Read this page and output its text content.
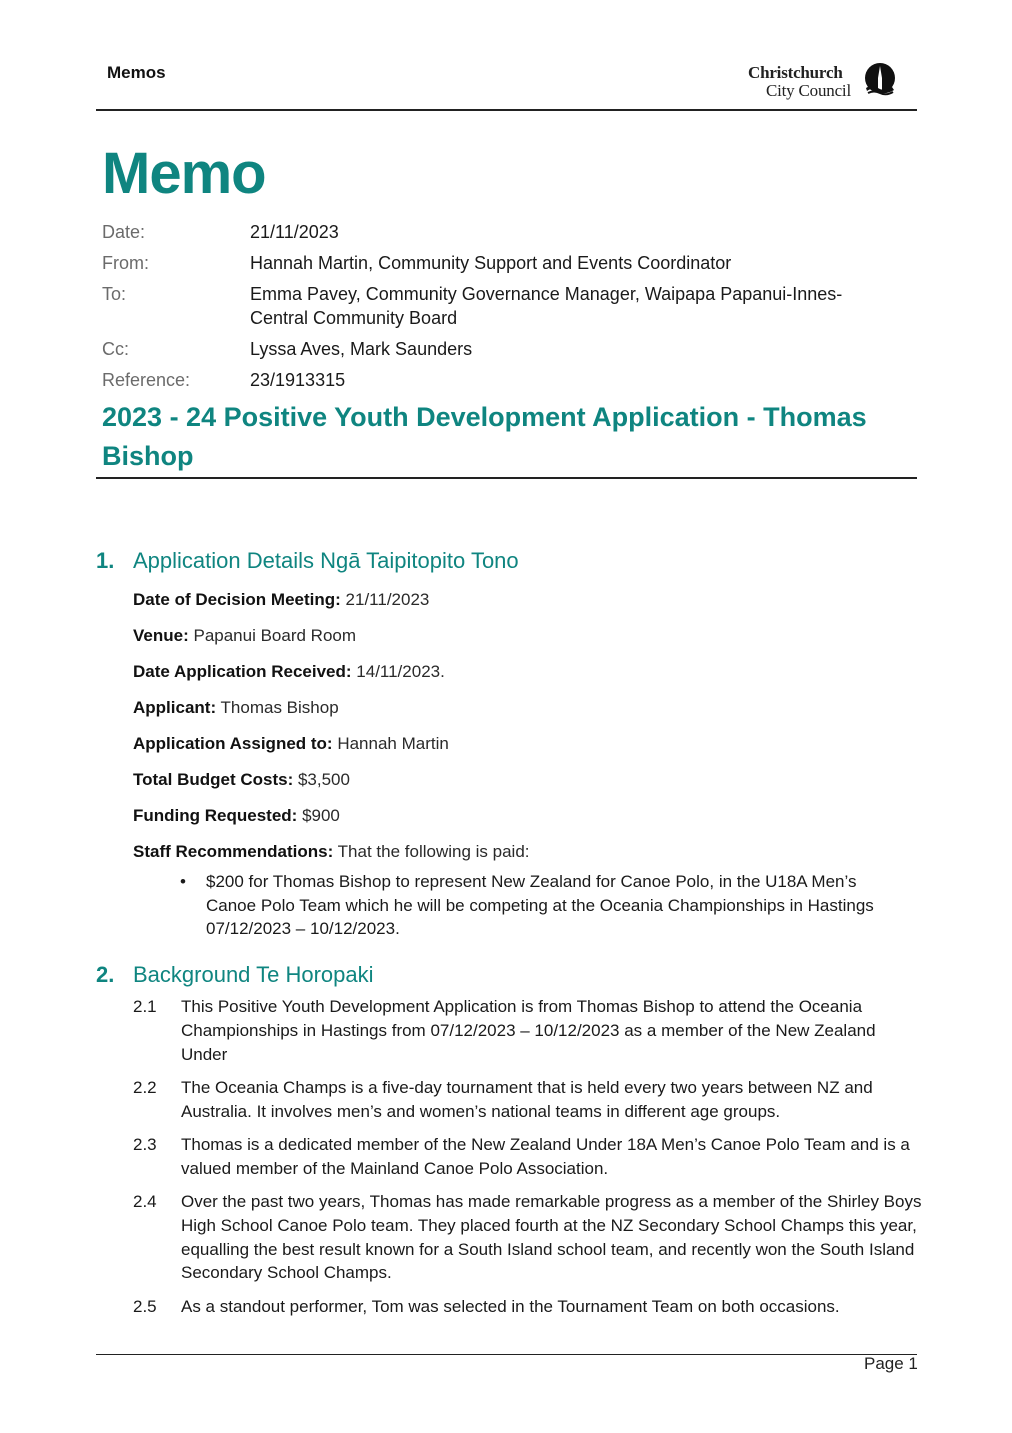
Memos	Christchurch
City Council
Memo
Date:	21/11/2023
From:	Hannah Martin, Community Support and Events Coordinator
To:	Emma Pavey, Community Governance Manager, Waipapa Papanui-Innes-Central Community Board
Cc:	Lyssa Aves, Mark Saunders
Reference:	23/1913315
2023 - 24 Positive Youth Development Application - Thomas Bishop
1. Application Details Ngā Taipitopito Tono
Date of Decision Meeting: 21/11/2023
Venue: Papanui Board Room
Date Application Received: 14/11/2023.
Applicant: Thomas Bishop
Application Assigned to: Hannah Martin
Total Budget Costs: $3,500
Funding Requested: $900
Staff Recommendations: That the following is paid:
• $200 for Thomas Bishop to represent New Zealand for Canoe Polo, in the U18A Men’s Canoe Polo Team which he will be competing at the Oceania Championships in Hastings 07/12/2023 – 10/12/2023.
2. Background Te Horopaki
2.1 This Positive Youth Development Application is from Thomas Bishop to attend the Oceania Championships in Hastings from 07/12/2023 – 10/12/2023 as a member of the New Zealand Under
2.2 The Oceania Champs is a five-day tournament that is held every two years between NZ and Australia. It involves men’s and women’s national teams in different age groups.
2.3 Thomas is a dedicated member of the New Zealand Under 18A Men’s Canoe Polo Team and is a valued member of the Mainland Canoe Polo Association.
2.4 Over the past two years, Thomas has made remarkable progress as a member of the Shirley Boys High School Canoe Polo team. They placed fourth at the NZ Secondary School Champs this year, equalling the best result known for a South Island school team, and recently won the South Island Secondary School Champs.
2.5 As a standout performer, Tom was selected in the Tournament Team on both occasions.
Page 1
